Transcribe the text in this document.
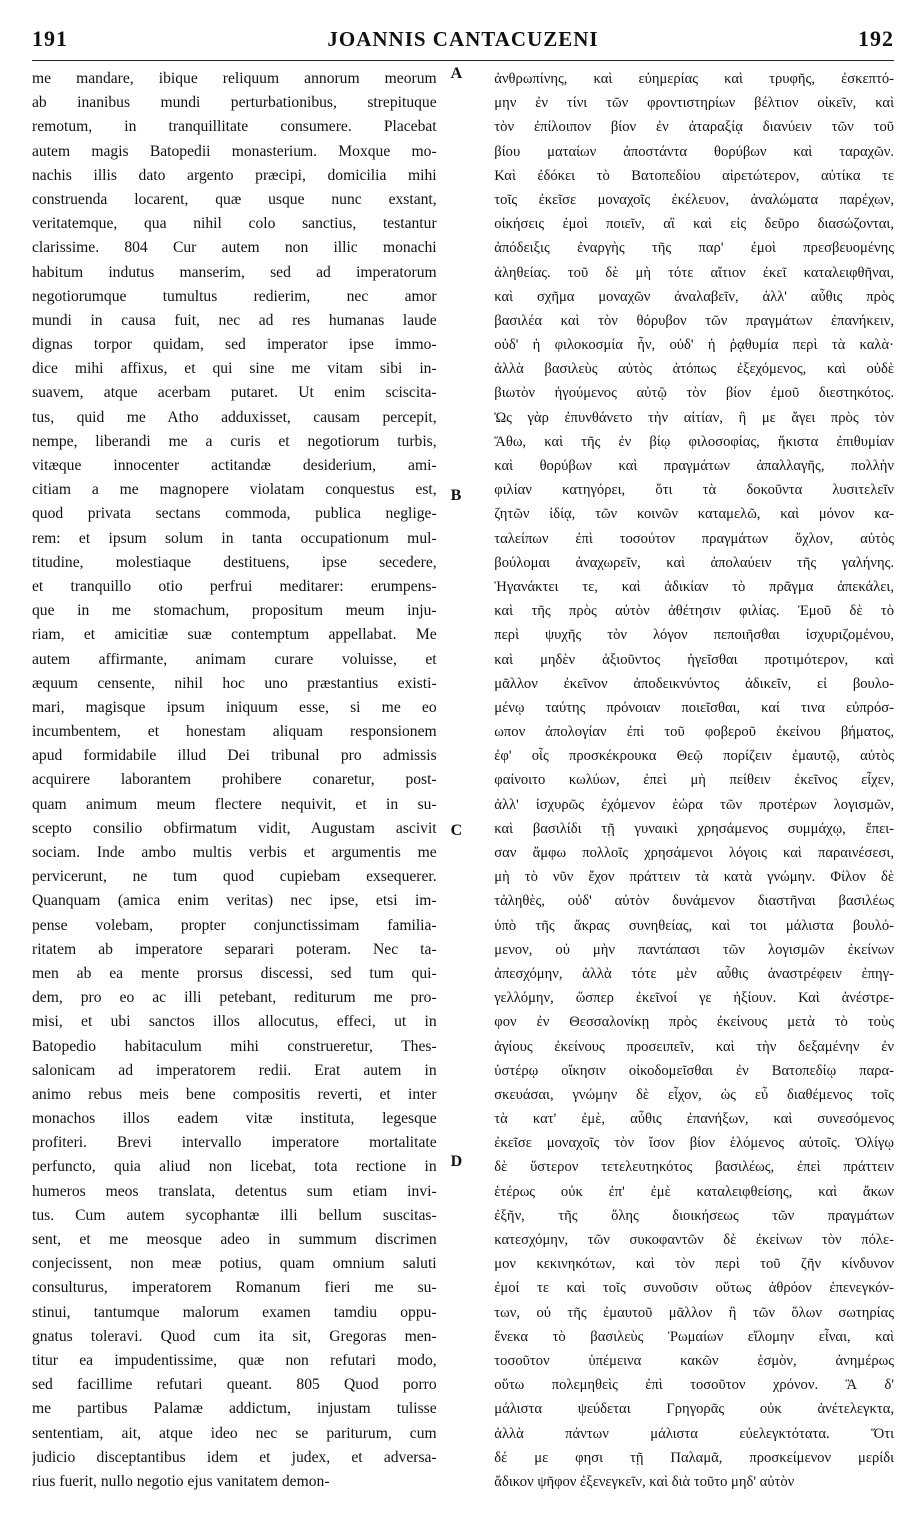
191	JOANNIS CANTACUZENI	192
me mandare, ibique reliquum annorum meorum
ab inanibus mundi perturbationibus, strepituque
remotum, in tranquillitate consumere. Placebat
autem magis Batopedii monasterium. Moxque mo-
nachis illis dato argento præcipi, domicilia mihi
construenda locarent, quæ usque nunc exstant,
veritatemque, qua nihil colo sanctius, testantur
clarissime. 804 Cur autem non illic monachi
habitum indutus manserim, sed ad imperatorum
negotiorumque tumultus redierim, nec amor
mundi in causa fuit, nec ad res humanas laude
dignas torpor quidam, sed imperator ipse immo-
dice mihi affixus, et qui sine me vitam sibi in-
suavem, atque acerbam putaret. Ut enim sciscita-
tus, quid me Atho adduxisset, causam percepit,
nempe, liberandi me a curis et negotiorum turbis,
vitæque innocenter actitandæ desiderium, ami-
citiam a me magnopere violatam conquestus est,
quod privata sectans commoda, publica neglige-
rem: et ipsum solum in tanta occupationum mul-
titudine, molestiaque destituens, ipse secedere,
et tranquillo otio perfrui meditarer: erumpens-
que in me stomachum, propositum meum inju-
riam, et amicitiæ suæ contemptum appellabat. Me
autem affirmante, animam curare voluisse, et
æquum censente, nihil hoc uno præstantius existi-
mari, magisque ipsum iniquum esse, si me eo
incumbentem, et honestam aliquam responsionem
apud formidabile illud Dei tribunal pro admissis
acquirere laborantem prohibere conaretur, post-
quam animum meum flectere nequivit, et in su-
scepto consilio obfirmatum vidit, Augustam ascivit
sociam. Inde ambo multis verbis et argumentis me
pervicerunt, ne tum quod cupiebam exsequerer.
Quanquam (amica enim veritas) nec ipse, etsi im-
pense volebam, propter conjunctissimam familia-
ritatem ab imperatore separari poteram. Nec ta-
men ab ea mente prorsus discessi, sed tum qui-
dem, pro eo ac illi petebant, rediturum me pro-
misi, et ubi sanctos illos allocutus, effeci, ut in
Batopedio habitaculum mihi construeretur, Thes-
salonicam ad imperatorem redii. Erat autem in
animo rebus meis bene compositis reverti, et inter
monachos illos eadem vitæ instituta, legesque
profiteri. Brevi intervallo imperatore mortalitate
perfuncto, quia aliud non licebat, tota rectione in
humeros meos translata, detentus sum etiam invi-
tus. Cum autem sycophantæ illi bellum suscitas-
sent, et me meosque adeo in summum discrimen
conjecissent, non meæ potius, quam omnium saluti
consulturus, imperatorem Romanum fieri me su-
stinui, tantumque malorum examen tamdiu oppu-
gnatus toleravi. Quod cum ita sit, Gregoras men-
titur ea impudentissime, quæ non refutari modo,
sed facillime refutari queant. 805 Quod porro
me partibus Palamæ addictum, injustam tulisse
sententiam, ait, atque ideo nec se pariturum, cum
judicio disceptantibus idem et judex, et adversa-
rius fuerit, nullo negotio ejus vanitatem demon-
A
B
C
D
ἀνθρωπίνης, καὶ εὐημερίας καὶ τρυφῆς, ἐσκεπτό-
μην ἐν τίνι τῶν φροντιστηρίων βέλτιον οἰκεῖν, καὶ
τὸν ἐπίλοιπον βίον ἐν ἀταραξίᾳ διανύειν τῶν τοῦ
βίου ματαίων ἀποστάντα θορύβων καὶ ταραχῶν.
Καὶ ἐδόκει τὸ Βατοπεδίου αἱρετώτερον, αὐτίκα τε
τοῖς ἐκεῖσε μοναχοῖς ἐκέλευον, ἀναλώματα παρέχων,
οἰκήσεις ἐμοὶ ποιεῖν, αἳ καὶ εἰς δεῦρο διασώζονται,
ἀπόδειξις ἐναργὴς τῆς παρ' ἐμοὶ πρεσβευομένης
ἀληθείας. τοῦ δὲ μὴ τότε αἴτιον ἐκεῖ καταλειφθῆναι,
καὶ σχῆμα μοναχῶν ἀναλαβεῖν, ἀλλ' αὖθις πρὸς
βασιλέα καὶ τὸν θόρυβον τῶν πραγμάτων ἐπανήκειν,
οὐδ' ἡ φιλοκοσμία ἦν, οὐδ' ἡ ῥᾳθυμία περὶ τὰ καλὰ·
ἀλλὰ βασιλεὺς αὐτὸς ἀτόπως ἐξεχόμενος, καὶ οὐδὲ
βιωτὸν ἡγούμενος αὐτῷ τὸν βίον ἐμοῦ διεστηκότος.
Ὡς γὰρ ἐπυνθάνετο τὴν αἰτίαν, ἣ με ἄγει πρὸς τὸν
Ἄθω, καὶ τῆς ἐν βίῳ φιλοσοφίας, ἥκιστα ἐπιθυμίαν
καὶ θορύβων καὶ πραγμάτων ἀπαλλαγῆς, πολλὴν
φιλίαν κατηγόρει, ὅτι τὰ δοκοῦντα λυσιτελεῖν
ζητῶν ἰδίᾳ, τῶν κοινῶν καταμελῶ, καὶ μόνον κα-
ταλείπων ἐπὶ τοσούτον πραγμάτων ὄχλον, αὐτὸς
βούλομαι ἀναχωρεῖν, καὶ ἀπολαύειν τῆς γαλήνης.
Ἠγανάκτει τε, καὶ ἀδικίαν τὸ πρᾶγμα ἀπεκάλει,
καὶ τῆς πρὸς αὐτὸν ἀθέτησιν φιλίας. Ἐμοῦ δὲ τὸ
περὶ ψυχῆς τὸν λόγον πεποιῆσθαι ἰσχυριζομένου,
καὶ μηδὲν ἀξιοῦντος ἡγεῖσθαι προτιμότερον, καὶ
μᾶλλον ἐκεῖνον ἀποδεικνύντος ἀδικεῖν, εἰ βουλο-
μένῳ ταύτης πρόνοιαν ποιεῖσθαι, καί τινα εὐπρόσ-
ωπον ἀπολογίαν ἐπὶ τοῦ φοβεροῦ ἐκείνου βήματος,
ἐφ' οἷς προσκέκρουκα Θεῷ πορίζειν ἐμαυτῷ, αὐτὸς
φαίνοιτο κωλύων, ἐπεὶ μὴ πείθειν ἐκεῖνος εἶχεν,
ἀλλ' ἰσχυρῶς ἐχόμενον ἑώρα τῶν προτέρων λογισμῶν,
καὶ βασιλίδι τῇ γυναικὶ χρησάμενος συμμάχῳ, ἔπει-
σαν ἄμφω πολλοῖς χρησάμενοι λόγοις καὶ παραινέσεσι,
μὴ τὸ νῦν ἔχον πράττειν τὰ κατὰ γνώμην. Φίλον δὲ
τἀληθὲς, οὐδ' αὐτὸν δυνάμενον διαστῆναι βασιλέως
ὑπὸ τῆς ἄκρας συνηθείας, καὶ τοι μάλιστα βουλό-
μενον, οὐ μὴν παντάπασι τῶν λογισμῶν ἐκείνων
ἀπεσχόμην, ἀλλὰ τότε μὲν αὖθις ἀναστρέφειν ἐπηγ-
γελλόμην, ὥσπερ ἐκεῖνοί γε ἠξίουν. Καὶ ἀνέστρε-
φον ἐν Θεσσαλονίκῃ πρὸς ἐκείνους μετὰ τὸ τοὺς
ἁγίους ἐκείνους προσειπεῖν, καὶ τὴν δεξαμένην ἐν
ὑστέρῳ οἴκησιν οἰκοδομεῖσθαι ἐν Βατοπεδίῳ παρα-
σκευάσαι, γνώμην δὲ εἶχον, ὡς εὖ διαθέμενος τοῖς
τὰ κατ' ἐμὲ, αὖθις ἐπανήξων, καὶ συνεσόμενος
ἐκεῖσε μοναχοῖς τὸν ἴσον βίον ἑλόμενος αὐτοῖς. Ὀλίγῳ
δὲ ὕστερον τετελευτηκότος βασιλέως, ἐπεὶ πράττειν
ἑτέρως οὐκ ἐπ' ἐμὲ καταλειφθείσης, καὶ ἄκων
ἐξῆν, τῆς ὅλης διοικήσεως τῶν πραγμάτων
κατεσχόμην, τῶν συκοφαντῶν δὲ ἐκείνων τὸν πόλε-
μον κεκινηκότων, καὶ τὸν περὶ τοῦ ζῆν κίνδυνον
ἐμοί τε καὶ τοῖς συνοῦσιν οὕτως ἀθρόον ἐπενεγκόν-
των, οὐ τῆς ἐμαυτοῦ μᾶλλον ἢ τῶν ὅλων σωτηρίας
ἕνεκα τὸ βασιλεὺς Ῥωμαίων εἴλομην εἶναι, καὶ
τοσοῦτον ὑπέμεινα κακῶν ἑσμὸν, ἀνημέρως
οὕτω πολεμηθεὶς ἐπὶ τοσοῦτον χρόνον. Ἃ δ'
μάλιστα ψεύδεται Γρηγορᾶς οὐκ ἀνέτελεγκτα,
ἀλλὰ πάντων μάλιστα εὐελεγκτότατα. Ὅτι
δέ με φησι τῇ Παλαμᾶ, προσκείμενον μερίδι
ἄδικον ψῆφον ἐξενεγκεῖν, καὶ διὰ τοῦτο μηδ' αὐτὸν
